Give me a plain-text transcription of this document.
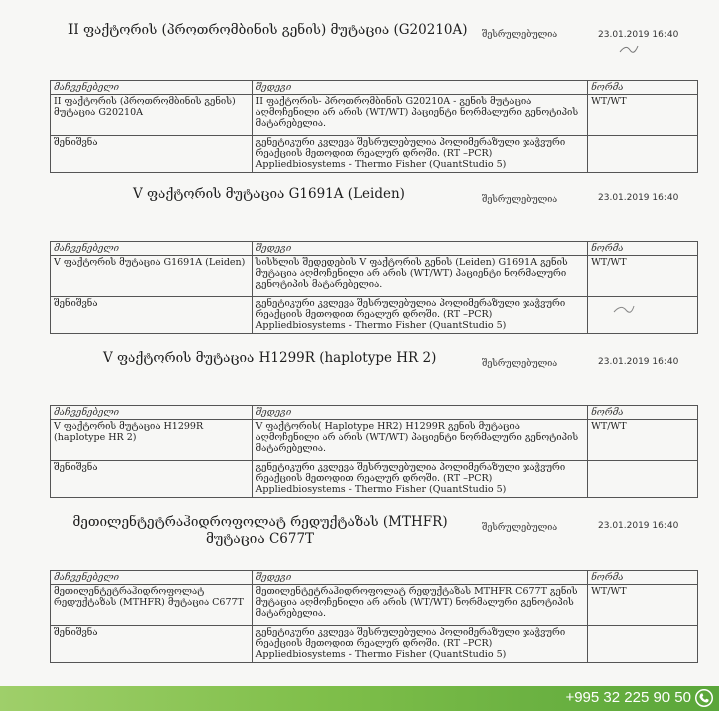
II ფაქტორის (პროთრომბინის გენის) მუტაცია (G20210A) შესრულებულია	23.01.2019 16:40
მაჩვენებელი	შედეგი	ნორმა
II ფაქტორის (პროთრომბინის გენის) მუტაცია G20210A	II ფაქტორის- პროთრომბინის G20210A - გენის მუტაცია აღმოჩენილი არ არის (WT/WT) პაციენტი ნორმალური გენოტიპის მატარებელია.	WT/WT
შენიშვნა	გენეტიკური კვლევა შესრულებულია პოლიმერაზული ჯაჭვური რეაქციის მეთოდით რეალურ დროში. (RT –PCR) Appliedbiosystems - Thermo Fisher (QuantStudio 5)	
V ფაქტორის მუტაცია G1691A (Leiden)	შესრულებულია	23.01.2019 16:40
მაჩვენებელი	შედეგი	ნორმა
V ფაქტორის მუტაცია G1691A (Leiden)	სისხლის შედედების V ფაქტორის გენის (Leiden) G1691A გენის მუტაცია აღმოჩენილი არ არის (WT/WT) პაციენტი ნორმალური გენოტიპის მატარებელია.	WT/WT
შენიშვნა	გენეტიკური კვლევა შესრულებულია პოლიმერაზული ჯაჭვური რეაქციის მეთოდით რეალურ დროში. (RT –PCR) Appliedbiosystems - Thermo Fisher (QuantStudio 5)	
V ფაქტორის მუტაცია H1299R (haplotype HR 2)	შესრულებულია	23.01.2019 16:40
მაჩვენებელი	შედეგი	ნორმა
V ფაქტორის მუტაცია H1299R (haplotype HR 2)	V ფაქტორის( Haplotype HR2) H1299R გენის მუტაცია აღმოჩენილი არ არის (WT/WT) პაციენტი ნორმალური გენოტიპის მატარებელია.	WT/WT
შენიშვნა	გენეტიკური კვლევა შესრულებულია პოლიმერაზული ჯაჭვური რეაქციის მეთოდით რეალურ დროში. (RT –PCR) Appliedbiosystems - Thermo Fisher (QuantStudio 5)	
მეთილენტეტრაჰიდროფოლატ რედუქტაზას (MTHFR) მუტაცია C677T
შესრულებულია	23.01.2019 16:40
მაჩვენებელი	შედეგი	ნორმა
მეთილენტეტრაჰიდროფოლატ რედუქტაზას (MTHFR) მუტაცია C677T	მეთილენტეტრაჰიდროფოლატ რედუქტაზას MTHFR C677T გენის მუტაცია აღმოჩენილი არ არის (WT/WT) ნორმალური გენოტიპის მატარებელია.	WT/WT
შენიშვნა	გენეტიკური კვლევა შესრულებულია პოლიმერაზული ჯაჭვური რეაქციის მეთოდით რეალურ დროში. (RT –PCR) Appliedbiosystems - Thermo Fisher (QuantStudio 5)	
+995 32 225 90 50
